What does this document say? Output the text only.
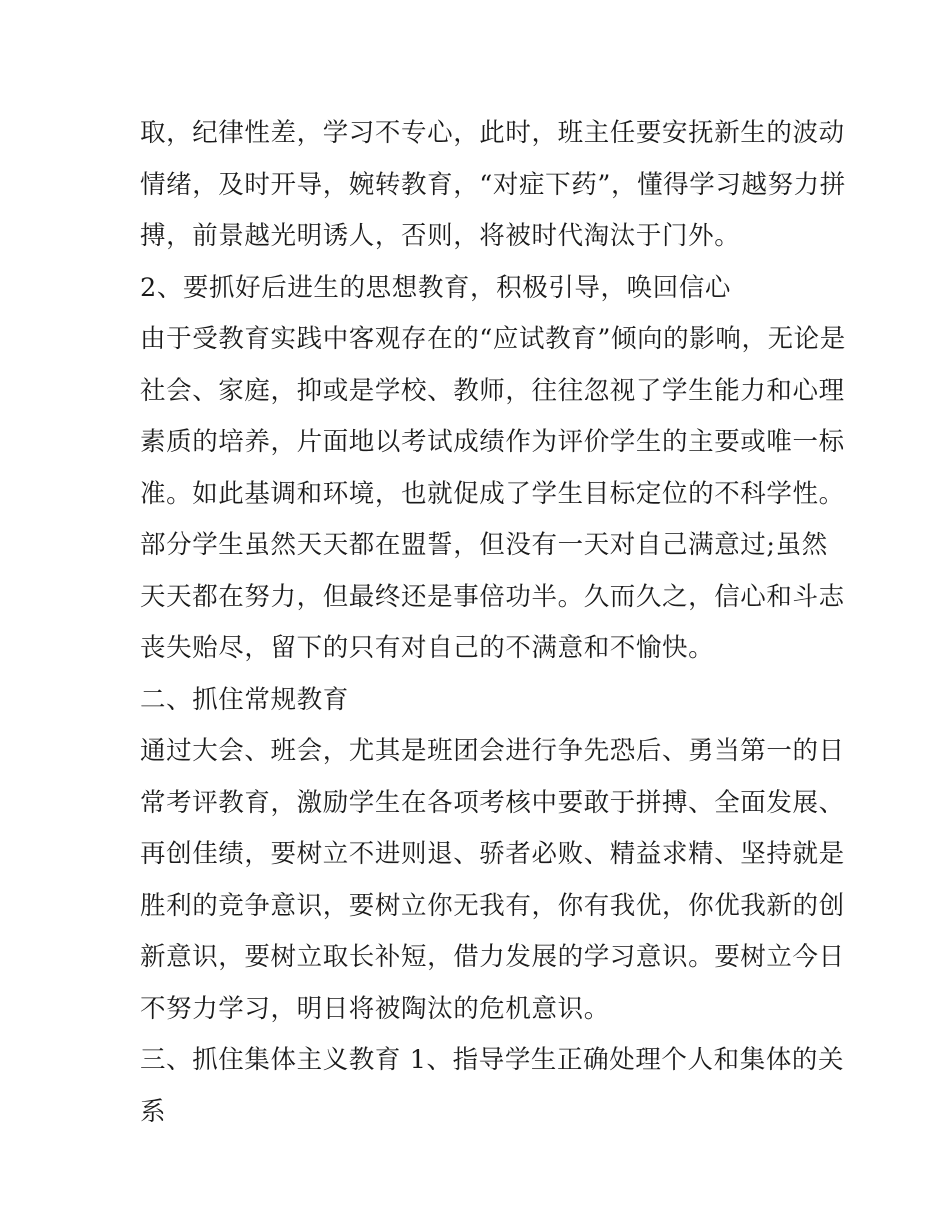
取，纪律性差，学习不专心，此时，班主任要安抚新生的波动
情绪，及时开导，婉转教育，“对症下药”，懂得学习越努力拼
搏，前景越光明诱人，否则，将被时代淘汰于门外。
2、要抓好后进生的思想教育，积极引导，唤回信心
由于受教育实践中客观存在的“应试教育”倾向的影响，无论是
社会、家庭，抑或是学校、教师，往往忽视了学生能力和心理
素质的培养，片面地以考试成绩作为评价学生的主要或唯一标
准。如此基调和环境，也就促成了学生目标定位的不科学性。
部分学生虽然天天都在盟誓，但没有一天对自己满意过;虽然
天天都在努力，但最终还是事倍功半。久而久之，信心和斗志
丧失贻尽，留下的只有对自己的不满意和不愉快。
二、抓住常规教育
通过大会、班会，尤其是班团会进行争先恐后、勇当第一的日
常考评教育，激励学生在各项考核中要敢于拼搏、全面发展、
再创佳绩，要树立不进则退、骄者必败、精益求精、坚持就是
胜利的竞争意识，要树立你无我有，你有我优，你优我新的创
新意识，要树立取长补短，借力发展的学习意识。要树立今日
不努力学习，明日将被陶汰的危机意识。
三、抓住集体主义教育 1、指导学生正确处理个人和集体的关
系
